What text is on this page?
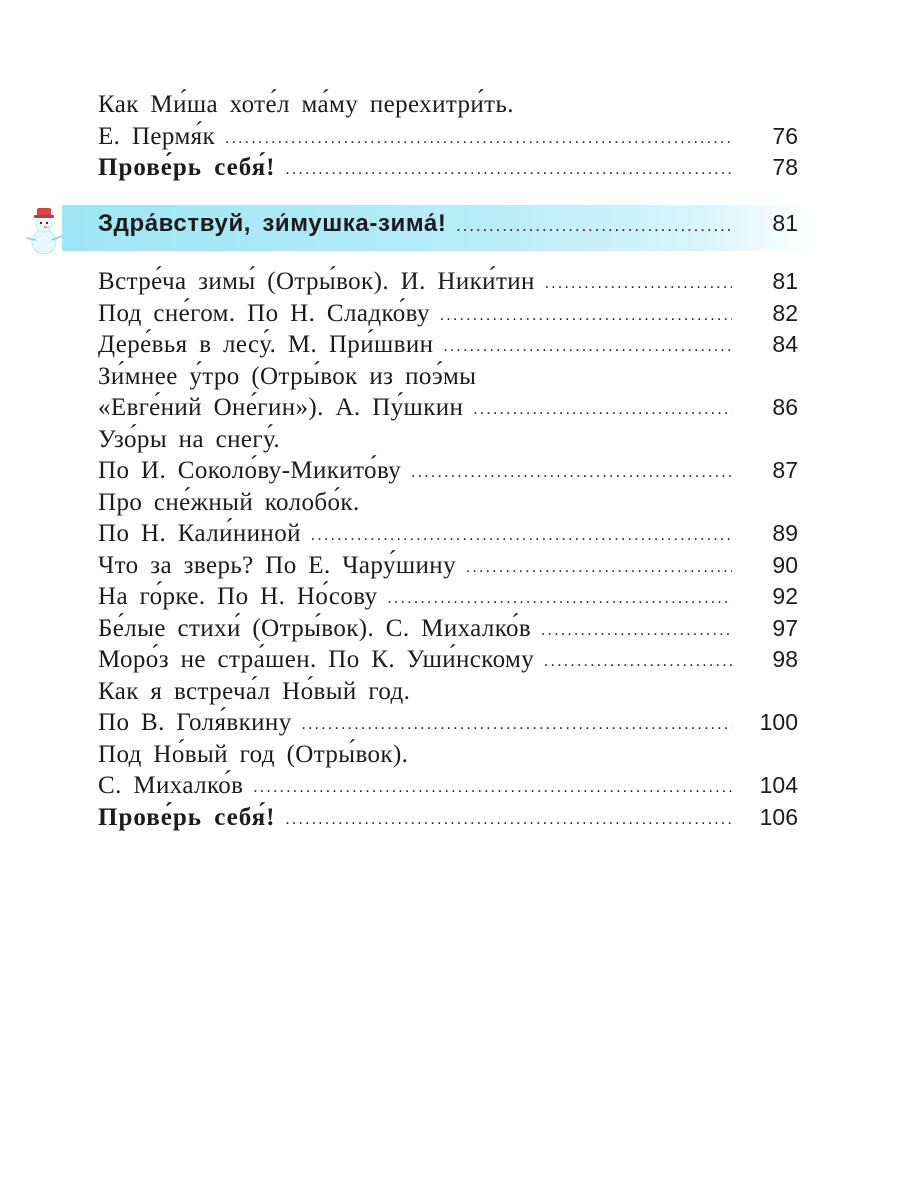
Как Ми́ша хоте́л ма́му перехитри́ть.
Е. Пермя́к .....	76
Прове́рь себя́! .....	78
Здра́вствуй, зи́мушка-зима́! .....	81
Встре́ча зимы́ (Отры́вок). И. Ники́тин .....	81
Под сне́гом. По Н. Сладко́ву .....	82
Дере́вья в лесу́. М. При́швин .....	84
Зи́мнее у́тро (Отры́вок из поэ́мы
«Евге́ний Оне́гин»). А. Пу́шкин .....	86
Узо́ры на снегу́.
По И. Соколо́ву-Микито́ву .....	87
Про сне́жный колобо́к.
По Н. Кали́ниной .....	89
Что за зверь? По Е. Чару́шину .....	90
На го́рке. По Н. Но́сову .....	92
Бе́лые стихи́ (Отры́вок). С. Михалко́в .....	97
Моро́з не стра́шен. По К. Уши́нскому .....	98
Как я встреча́л Но́вый год.
По В. Голя́вкину .....	100
Под Но́вый год (Отры́вок).
С. Михалко́в .....	104
Прове́рь себя́! .....	106
